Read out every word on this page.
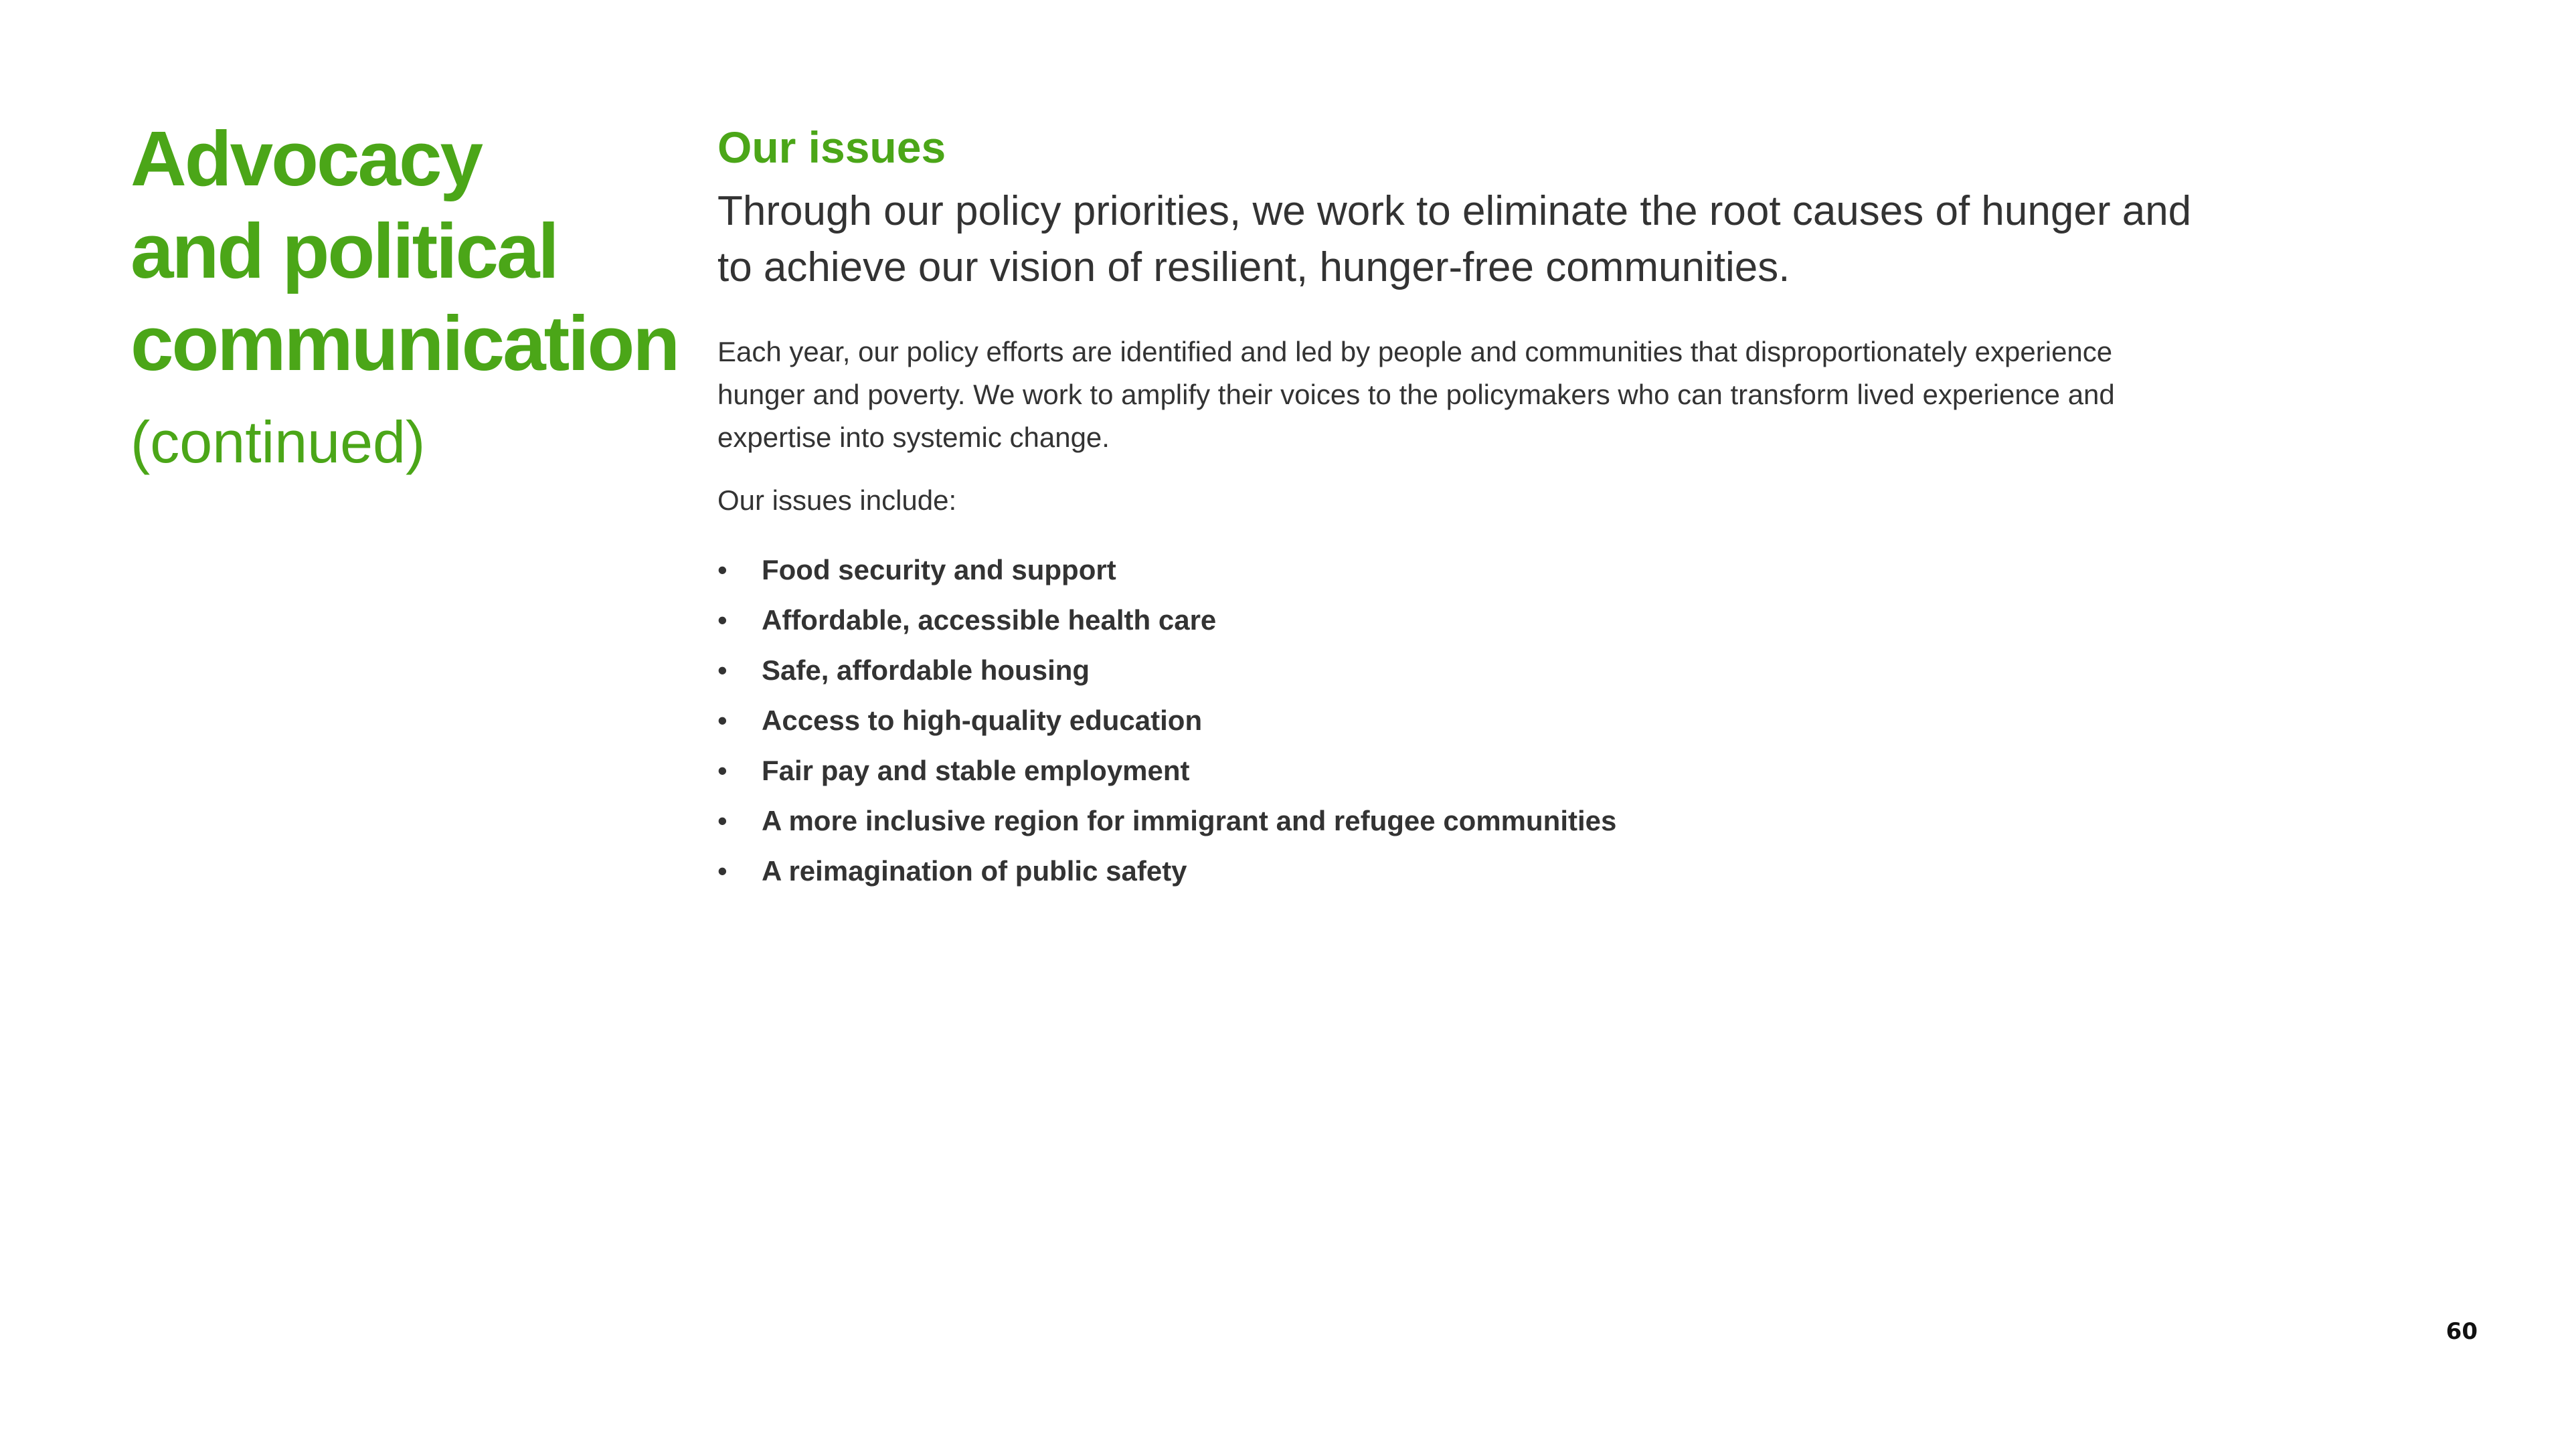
Advocacy
and political
communication
(continued)
Our issues

Through our policy priorities, we work to eliminate the root causes of hunger and to achieve our vision of resilient, hunger-free communities.

Each year, our policy efforts are identified and led by people and communities that disproportionately experience hunger and poverty. We work to amplify their voices to the policymakers who can transform lived experience and expertise into systemic change.

Our issues include:

• Food security and support
• Affordable, accessible health care
• Safe, affordable housing
• Access to high-quality education
• Fair pay and stable employment
• A more inclusive region for immigrant and refugee communities
• A reimagination of public safety
60
